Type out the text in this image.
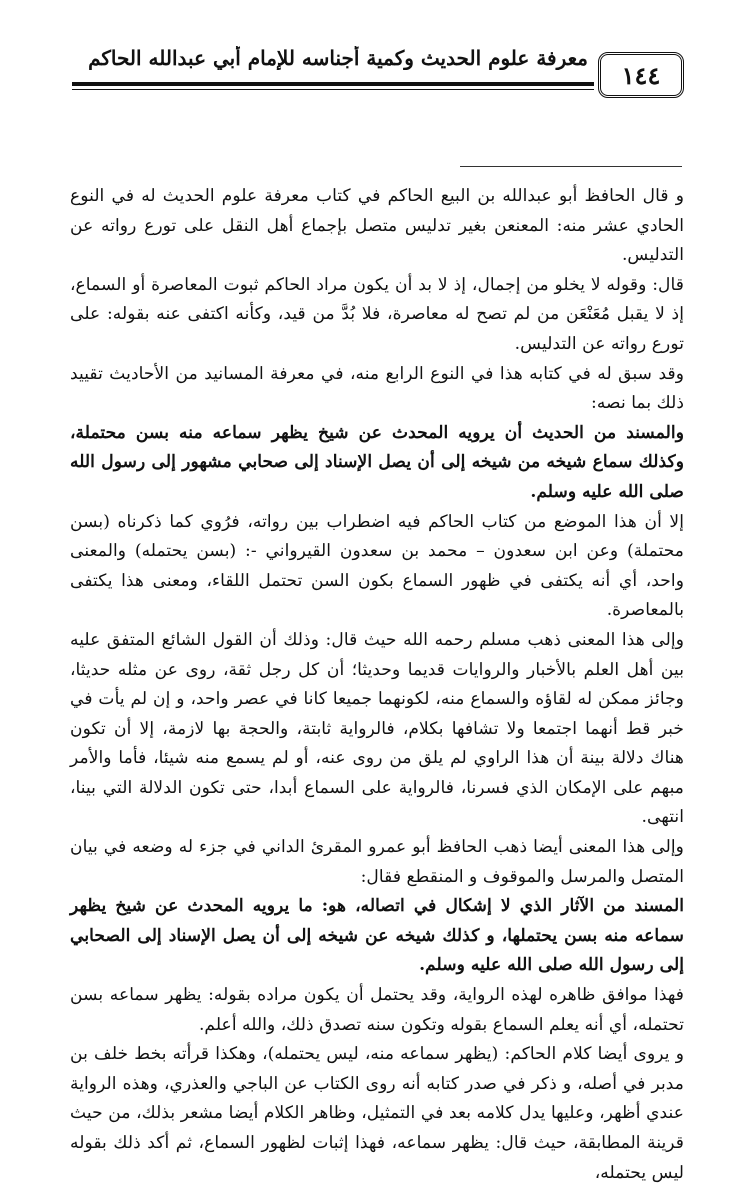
معرفة علوم الحديث وكمية أجناسه للإمام أبي عبدالله الحاكم
١٤٤

و قال الحافظ أبو عبدالله بن البيع الحاكم في كتاب معرفة علوم الحديث له في النوع الحادي عشر منه: المعنعن بغير تدليس متصل بإجماع أهل النقل على تورع رواته عن التدليس.

قال: وقوله لا يخلو من إجمال، إذ لا بد أن يكون مراد الحاكم ثبوت المعاصرة أو السماع، إذ لا يقبل مُعَنْعَن من لم تصح له معاصرة، فلا بُدَّ من قيد، وكأنه اكتفى عنه بقوله: على تورع رواته عن التدليس.

وقد سبق له في كتابه هذا في النوع الرابع منه، في معرفة المسانيد من الأحاديث تقييد ذلك بما نصه:

والمسند من الحديث أن يرويه المحدث عن شيخ يظهر سماعه منه بسن محتملة، وكذلك سماع شيخه من شيخه إلى أن يصل الإسناد إلى صحابي مشهور إلى رسول الله صلى الله عليه وسلم.

إلا أن هذا الموضع من كتاب الحاكم فيه اضطراب بين رواته، فرُوي كما ذكرناه (بسن محتملة) وعن ابن سعدون – محمد بن سعدون القيرواني -: (بسن يحتمله) والمعنى واحد، أي أنه يكتفى في ظهور السماع بكون السن تحتمل اللقاء، ومعنى هذا يكتفى بالمعاصرة.

وإلى هذا المعنى ذهب مسلم رحمه الله حيث قال: وذلك أن القول الشائع المتفق عليه بين أهل العلم بالأخبار والروايات قديما وحديثا؛ أن كل رجل ثقة، روى عن مثله حديثا، وجائز ممكن له لقاؤه والسماع منه، لكونهما جميعا كانا في عصر واحد، و إن لم يأت في خبر قط أنهما اجتمعا ولا تشافها بكلام، فالرواية ثابتة، والحجة بها لازمة، إلا أن تكون هناك دلالة بينة أن هذا الراوي لم يلق من روى عنه، أو لم يسمع منه شيئا، فأما والأمر مبهم على الإمكان الذي فسرنا، فالرواية على السماع أبدا، حتى تكون الدلالة التي بينا، انتهى.

وإلى هذا المعنى أيضا ذهب الحافظ أبو عمرو المقرئ الداني في جزء له وضعه في بيان المتصل والمرسل والموقوف و المنقطع فقال:

المسند من الآثار الذي لا إشكال في اتصاله، هو: ما يرويه المحدث عن شيخ يظهر سماعه منه بسن يحتملها، و كذلك شيخه عن شيخه إلى أن يصل الإسناد إلى الصحابي إلى رسول الله صلى الله عليه وسلم.

فهذا موافق ظاهره لهذه الرواية، وقد يحتمل أن يكون مراده بقوله: يظهر سماعه بسن تحتمله، أي أنه يعلم السماع بقوله وتكون سنه تصدق ذلك، والله أعلم.

و يروى أيضا كلام الحاكم: (يظهر سماعه منه، ليس يحتمله)، وهكذا قرأته بخط خلف بن مدبر في أصله، و ذكر في صدر كتابه أنه روى الكتاب عن الباجي والعذري، وهذه الرواية عندي أظهر، وعليها يدل كلامه بعد في التمثيل، وظاهر الكلام أيضا مشعر بذلك، من حيث قرينة المطابقة، حيث قال: يظهر سماعه، فهذا إثبات لظهور السماع، ثم أكد ذلك بقوله ليس يحتمله،
